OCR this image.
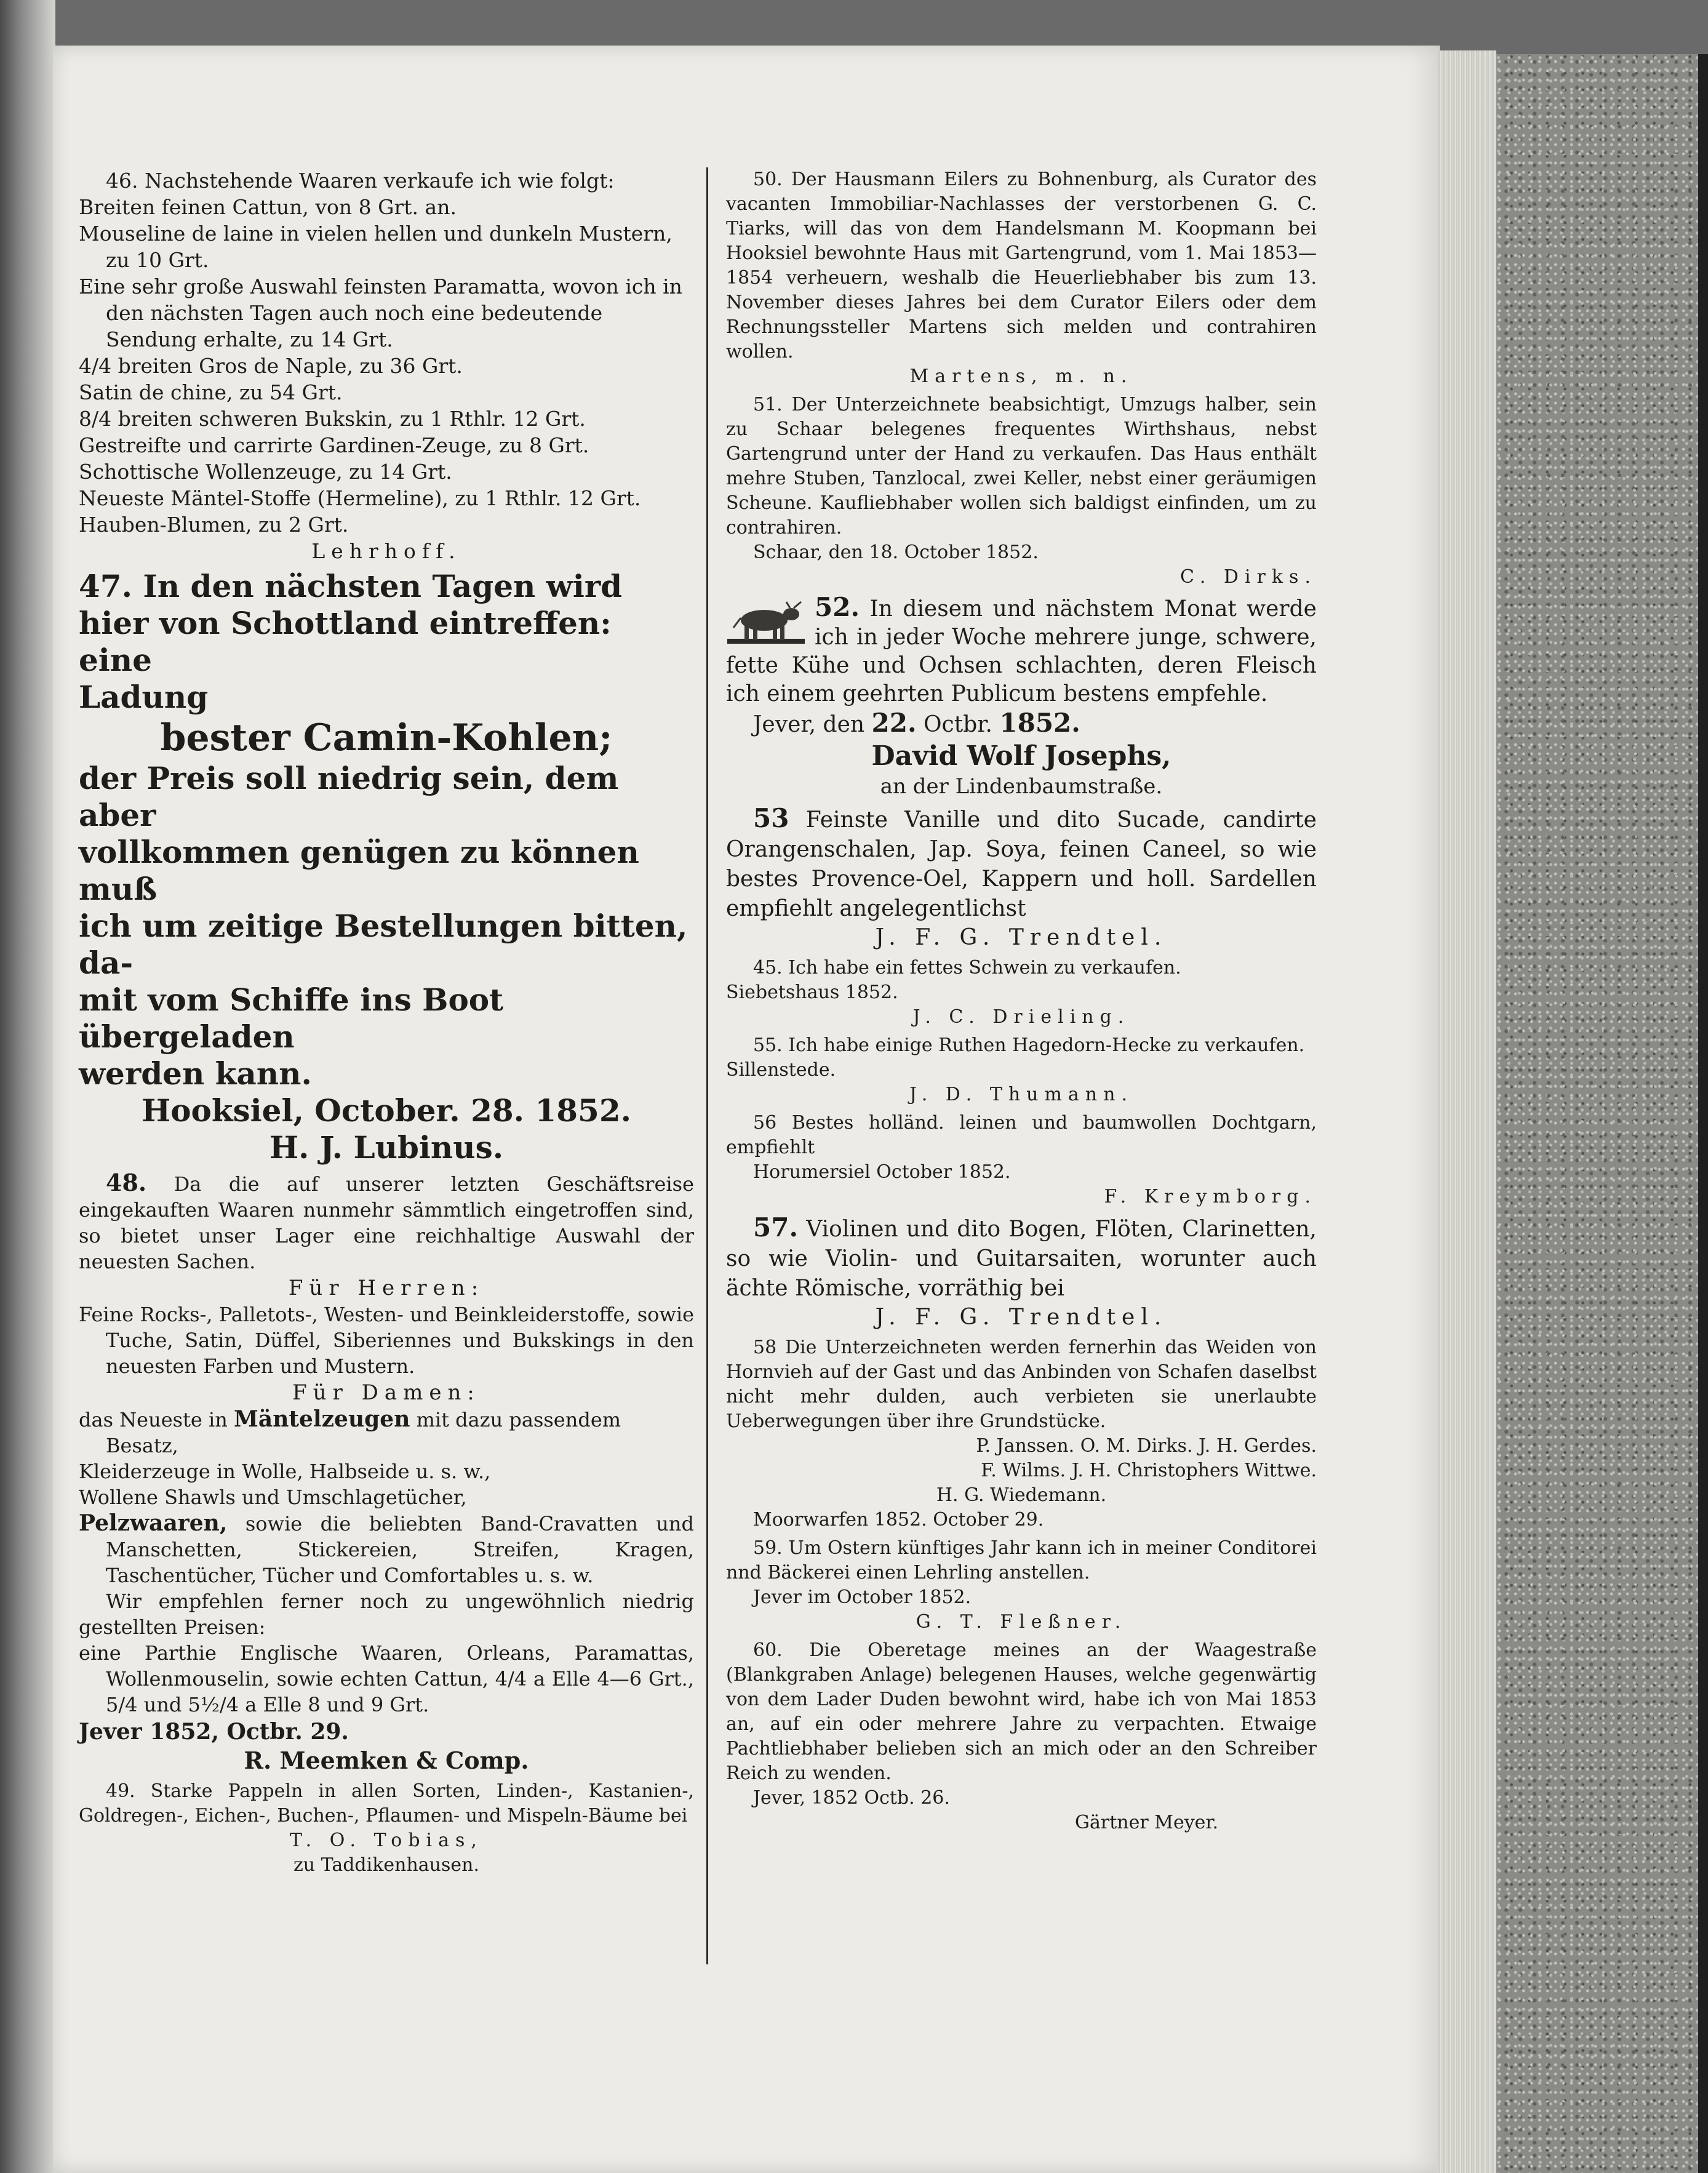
46. Nachstehende Waaren verkaufe ich wie folgt:

Breiten feinen Cattun, von 8 Grt. an.

Mouseline de laine in vielen hellen und dunkeln Mustern, zu 10 Grt.

Eine sehr große Auswahl feinsten Paramatta, wovon ich in den nächsten Tagen auch noch eine bedeutende Sendung erhalte, zu 14 Grt.

4/4 breiten Gros de Naple, zu 36 Grt.

Satin de chine, zu 54 Grt.

8/4 breiten schweren Bukskin, zu 1 Rthlr. 12 Grt.

Gestreifte und carrirte Gardinen-Zeuge, zu 8 Grt.

Schottische Wollenzeuge, zu 14 Grt.

Neueste Mäntel-Stoffe (Hermeline), zu 1 Rthlr. 12 Grt.

Hauben-Blumen, zu 2 Grt.

Lehrhoff.

47. In den nächsten Tagen wird

hier von Schottland eintreffen: eine

Ladung

bester Camin-Kohlen;

der Preis soll niedrig sein, dem aber

vollkommen genügen zu können muß

ich um zeitige Bestellungen bitten, da-

mit vom Schiffe ins Boot übergeladen

werden kann.

Hooksiel, October. 28. 1852.

H. J. Lubinus.

48. Da die auf unserer letzten Geschäftsreise eingekauften Waaren nunmehr sämmtlich eingetroffen sind, so bietet unser Lager eine reichhaltige Auswahl der neuesten Sachen.

Für Herren:

Feine Rocks-, Palletots-, Westen- und Beinkleiderstoffe, sowie Tuche, Satin, Düffel, Siberiennes und Bukskings in den neuesten Farben und Mustern.

Für Damen:

das Neueste in Mäntelzeugen mit dazu passendem Besatz,

Kleiderzeuge in Wolle, Halbseide u. s. w.,

Wollene Shawls und Umschlagetücher,

Pelzwaaren, sowie die beliebten Band-Cravatten und Manschetten, Stickereien, Streifen, Kragen, Taschentücher, Tücher und Comfortables u. s. w.

Wir empfehlen ferner noch zu ungewöhnlich niedrig gestellten Preisen:

eine Parthie Englische Waaren, Orleans, Paramattas, Wollenmouselin, sowie echten Cattun, 4/4 a Elle 4—6 Grt., 5/4 und 5½/4 a Elle 8 und 9 Grt.

Jever 1852, Octbr. 29.

R. Meemken & Comp.

49. Starke Pappeln in allen Sorten, Linden-, Kastanien-, Goldregen-, Eichen-, Buchen-, Pflaumen- und Mispeln-Bäume bei

T. O. Tobias,

zu Taddikenhausen.

50. Der Hausmann Eilers zu Bohnenburg, als Curator des vacanten Immobiliar-Nachlasses der verstorbenen G. C. Tiarks, will das von dem Handelsmann M. Koopmann bei Hooksiel bewohnte Haus mit Gartengrund, vom 1. Mai 1853—1854 verheuern, weshalb die Heuerliebhaber bis zum 13. November dieses Jahres bei dem Curator Eilers oder dem Rechnungssteller Martens sich melden und contrahiren wollen.

Martens, m. n.

51. Der Unterzeichnete beabsichtigt, Umzugs halber, sein zu Schaar belegenes frequentes Wirthshaus, nebst Gartengrund unter der Hand zu verkaufen. Das Haus enthält mehre Stuben, Tanzlocal, zwei Keller, nebst einer geräumigen Scheune. Kaufliebhaber wollen sich baldigst einfinden, um zu contrahiren.

Schaar, den 18. October 1852.

C. Dirks.

52. In diesem und nächstem Monat werde ich in jeder Woche mehrere junge, schwere, fette Kühe und Ochsen schlachten, deren Fleisch ich einem geehrten Publicum bestens empfehle.

Jever, den 22. Octbr. 1852.

David Wolf Josephs,

an der Lindenbaumstraße.

53 Feinste Vanille und dito Sucade, candirte Orangenschalen, Jap. Soya, feinen Caneel, so wie bestes Provence-Oel, Kappern und holl. Sardellen empfiehlt angelegentlichst

J. F. G. Trendtel.

45. Ich habe ein fettes Schwein zu verkaufen.

Siebetshaus 1852.

J. C. Drieling.

55. Ich habe einige Ruthen Hagedorn-Hecke zu verkaufen.

Sillenstede.

J. D. Thumann.

56 Bestes holländ. leinen und baumwollen Dochtgarn, empfiehlt

Horumersiel October 1852.

F. Kreymborg.

57. Violinen und dito Bogen, Flöten, Clarinetten, so wie Violin- und Guitarsaiten, worunter auch ächte Römische, vorräthig bei

J. F. G. Trendtel.

58 Die Unterzeichneten werden fernerhin das Weiden von Hornvieh auf der Gast und das Anbinden von Schafen daselbst nicht mehr dulden, auch verbieten sie unerlaubte Ueberwegungen über ihre Grundstücke.

P. Janssen. O. M. Dirks. J. H. Gerdes.

F. Wilms. J. H. Christophers Wittwe.

H. G. Wiedemann.

Moorwarfen 1852. October 29.

59. Um Ostern künftiges Jahr kann ich in meiner Conditorei nnd Bäckerei einen Lehrling anstellen.

Jever im October 1852.

G. T. Fleßner.

60. Die Oberetage meines an der Waagestraße (Blankgraben Anlage) belegenen Hauses, welche gegenwärtig von dem Lader Duden bewohnt wird, habe ich von Mai 1853 an, auf ein oder mehrere Jahre zu verpachten. Etwaige Pachtliebhaber belieben sich an mich oder an den Schreiber Reich zu wenden.

Jever, 1852 Octb. 26.

Gärtner Meyer.
